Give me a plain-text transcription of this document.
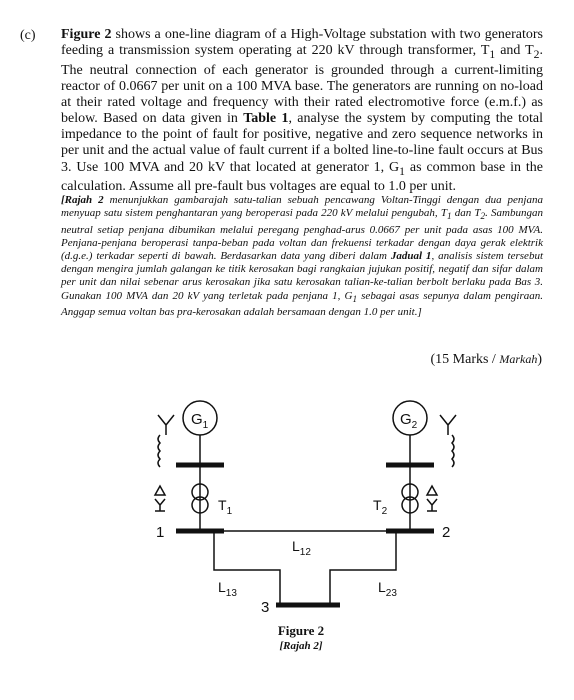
(c) Figure 2 shows a one-line diagram of a High-Voltage substation with two generators feeding a transmission system operating at 220 kV through transformer, $T_1$ and $T_2$. The neutral connection of each generator is grounded through a current-limiting reactor of 0.0667 per unit on a 100 MVA base. The generators are running on no-load at their rated voltage and frequency with their rated electromotive force (e.m.f.) as below. Based on data given in Table 1, analyse the system by computing the total impedance to the point of fault for positive, negative and zero sequence networks in per unit and the actual value of fault current if a bolted line-to-line fault occurs at Bus 3. Use 100 MVA and 20 kV that located at generator 1, $G_1$ as common base in the calculation. Assume all pre-fault bus voltages are equal to 1.0 per unit.
[Rajah 2 menunjukkan gambarajah satu-talian sebuah pencawang Voltan-Tinggi dengan dua penjana menyuap satu sistem penghantaran yang beroperasi pada 220 kV melalui pengubah, $T_1$ dan $T_2$. Sambungan neutral setiap penjana dibumikan melalui peregang penghad-arus 0.0667 per unit pada asas 100 MVA. Penjana-penjana beroperasi tanpa-beban pada voltan dan frekuensi terkadar dengan daya gerak elektrik (d.g.e.) terkadar seperti di bawah. Berdasarkan data yang diberi dalam Jadual 1, analisis sistem tersebut dengan mengira jumlah galangan ke titik kerosakan bagi rangkaian jujukan positif, negatif dan sifar dalam per unit dan nilai sebenar arus kerosakan jika satu kerosakan talian-ke-talian berbolt berlaku pada Bas 3. Gunakan 100 MVA dan 20 kV yang terletak pada penjana 1, $G_1$ sebagai asas sepunya dalam pengiraan. Anggap semua voltan bas pra-kerosakan adalah bersamaan dengan 1.0 per unit.]
(15 Marks / Markah)
$G_1$	$G_2$
$T_1$	$T_2$
1	2
3
$L_{12}$
$L_{13}$	$L_{23}$
Figure 2
[Rajah 2]
